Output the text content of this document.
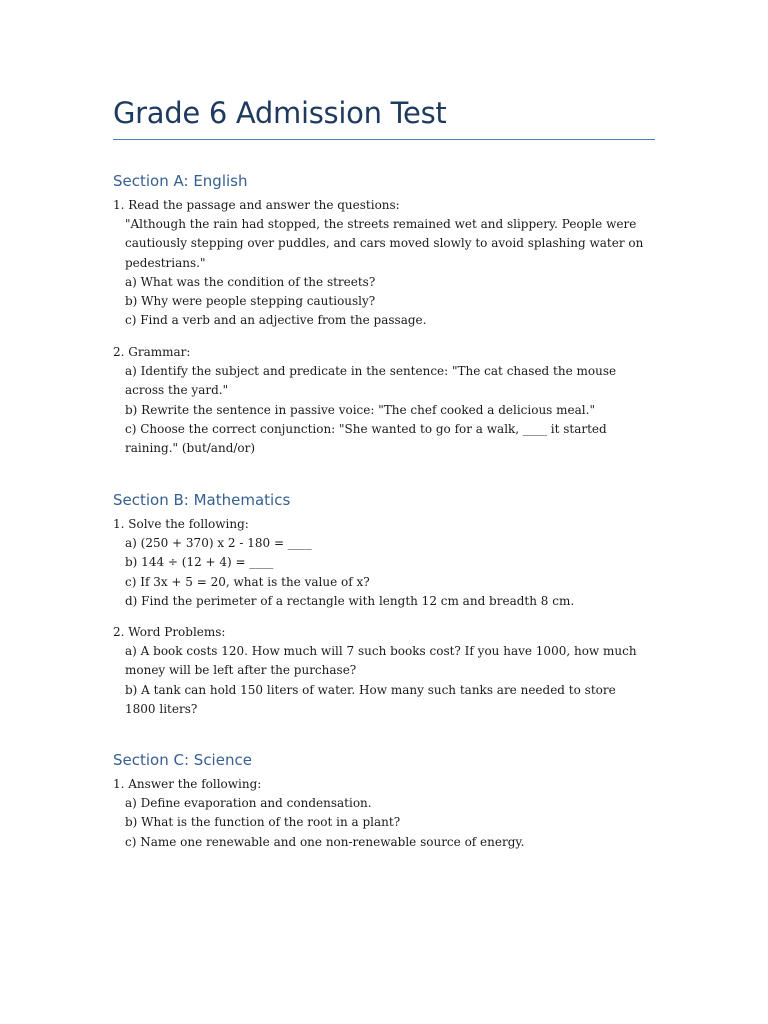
Grade 6 Admission Test
Section A: English

1. Read the passage and answer the questions:

"Although the rain had stopped, the streets remained wet and slippery. People were cautiously stepping over puddles, and cars moved slowly to avoid splashing water on pedestrians."

a) What was the condition of the streets?

b) Why were people stepping cautiously?

c) Find a verb and an adjective from the passage.

2. Grammar:

a) Identify the subject and predicate in the sentence: "The cat chased the mouse across the yard."

b) Rewrite the sentence in passive voice: "The chef cooked a delicious meal."

c) Choose the correct conjunction: "She wanted to go for a walk, ____ it started raining." (but/and/or)

Section B: Mathematics

1. Solve the following:

a) (250 + 370) x 2 - 180 = ____

b) 144 ÷ (12 + 4) = ____

c) If 3x + 5 = 20, what is the value of x?

d) Find the perimeter of a rectangle with length 12 cm and breadth 8 cm.

2. Word Problems:

a) A book costs 120. How much will 7 such books cost? If you have 1000, how much money will be left after the purchase?

b) A tank can hold 150 liters of water. How many such tanks are needed to store 1800 liters?

Section C: Science

1. Answer the following:

a) Define evaporation and condensation.

b) What is the function of the root in a plant?

c) Name one renewable and one non-renewable source of energy.
